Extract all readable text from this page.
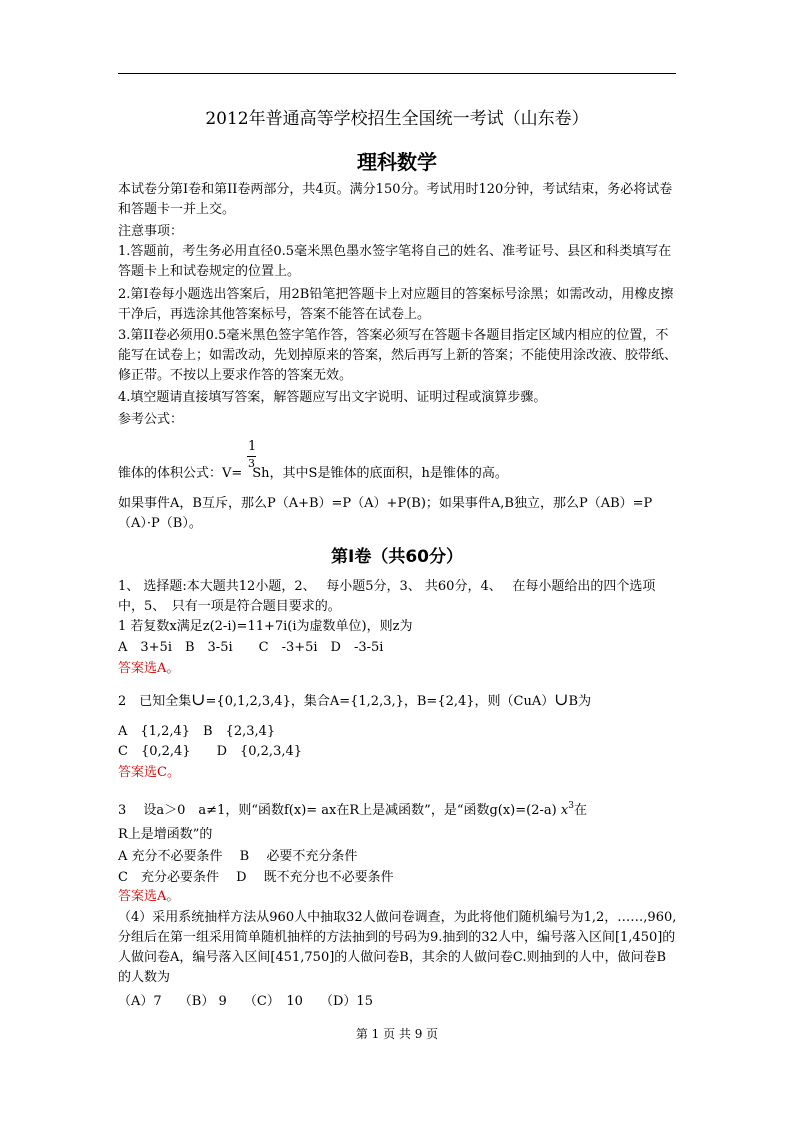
2012年普通高等学校招生全国统一考试（山东卷）
理科数学
本试卷分第I卷和第II卷两部分，共4页。满分150分。考试用时120分钟，考试结束，务必将试卷和答题卡一并上交。
注意事项：
1.答题前，考生务必用直径0.5毫米黑色墨水签字笔将自己的姓名、准考证号、县区和科类填写在答题卡上和试卷规定的位置上。
2.第I卷每小题选出答案后，用2B铅笔把答题卡上对应题目的答案标号涂黑；如需改动，用橡皮擦干净后，再选涂其他答案标号，答案不能答在试卷上。
3.第II卷必须用0.5毫米黑色签字笔作答，答案必须写在答题卡各题目指定区域内相应的位置，不能写在试卷上；如需改动，先划掉原来的答案，然后再写上新的答案；不能使用涂改液、胶带纸、修正带。不按以上要求作答的答案无效。
4.填空题请直接填写答案，解答题应写出文字说明、证明过程或演算步骤。
参考公式：
1
3
锥体的体积公式：V= Sh，其中S是锥体的底面积，h是锥体的高。
如果事件A，B互斥，那么P（A+B）=P（A）+P(B)；如果事件A,B独立，那么P（AB）=P（A）·P（B）。
第I卷（共60分）
1、 选择题:本大题共12小题，2、　 每小题5分，3、 共60分，4、　 在每小题给出的四个选项中，5、　只有一项是符合题目要求的。
1 若复数x满足z(2-i)=11+7i(i为虚数单位)，则z为
A　3+5i　B　3-5i　　C　-3+5i　D　-3-5i
答案选A。
2　已知全集∪={0,1,2,3,4}，集合A={1,2,3,}，B={2,4}，则（CuA）∪B为
A　{1,2,4}　B　{2,3,4}
C　{0,2,4}　　D　{0,2,3,4}
答案选C。
3　 设a＞0　a≠1，则“函数f(x)= ax在R上是减函数”，是“函数g(x)=(2-a) $x^3$在
R上是增函数”的
A 充分不必要条件　 B　 必要不充分条件
C　充分必要条件　 D　 既不充分也不必要条件
答案选A。
（4）采用系统抽样方法从960人中抽取32人做问卷调查，为此将他们随机编号为1,2，……,960,分组后在第一组采用简单随机抽样的方法抽到的号码为9.抽到的32人中，编号落入区间[1,450]的人做问卷A，编号落入区间[451,750]的人做问卷B，其余的人做问卷C.则抽到的人中，做问卷B的人数为
（A）7　 （B） 9　 （C）　10　 （D）15
第 1 页 共 9 页
